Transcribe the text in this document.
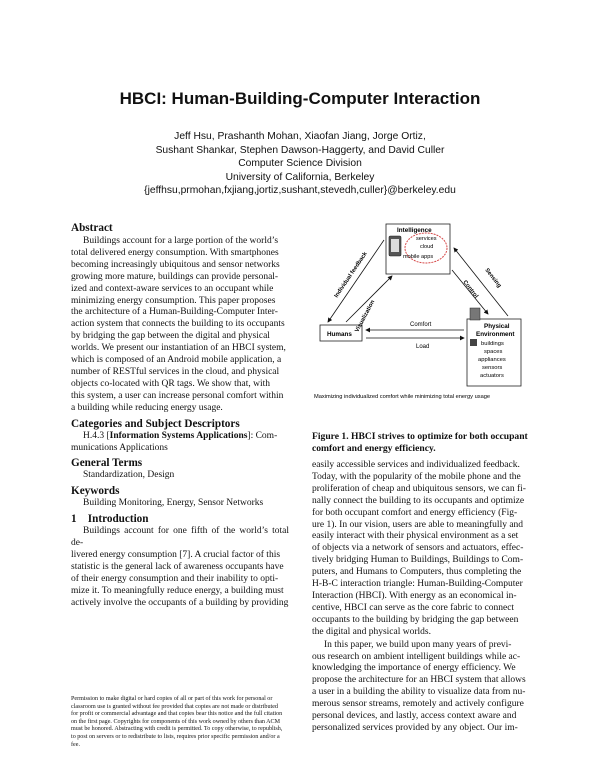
HBCI: Human-Building-Computer Interaction
Jeff Hsu, Prashanth Mohan, Xiaofan Jiang, Jorge Ortiz,
Sushant Shankar, Stephen Dawson-Haggerty, and David Culler
Computer Science Division
University of California, Berkeley
{jeffhsu,prmohan,fxjiang,jortiz,sushant,stevedh,culler}@berkeley.edu
Abstract
Buildings account for a large portion of the world’s
total delivered energy consumption. With smartphones
becoming increasingly ubiquitous and sensor networks
growing more mature, buildings can provide personal-
ized and context-aware services to an occupant while
minimizing energy consumption. This paper proposes
the architecture of a Human-Building-Computer Inter-
action system that connects the building to its occupants
by bridging the gap between the digital and physical
worlds. We present our instantiation of an HBCI system,
which is composed of an Android mobile application, a
number of RESTful services in the cloud, and physical
objects co-located with QR tags. We show that, with
this system, a user can increase personal comfort within
a building while reducing energy usage.
Categories and Subject Descriptors
H.4.3 [Information Systems Applications]: Com-
munications Applications
General Terms
Standardization, Design
Keywords
Building Monitoring, Energy, Sensor Networks
1    Introduction
Buildings account for one fifth of the world’s total de-
livered energy consumption [7]. A crucial factor of this
statistic is the general lack of awareness occupants have
of their energy consumption and their inability to opti-
mize it. To meaningfully reduce energy, a building must
actively involve the occupants of a building by providing
Permission to make digital or hard copies of all or part of this work for personal or
classroom use is granted without fee provided that copies are not made or distributed
for profit or commercial advantage and that copies bear this notice and the full citation
on the first page. Copyrights for components of this work owned by others than ACM
must be honored. Abstracting with credit is permitted. To copy otherwise, to republish,
to post on servers or to redistribute to lists, requires prior specific permission and/or a
fee.
Intelligence
services
cloud
mobile apps
Humans
Physical
Environment
buildings
spaces
appliances
sensors
actuators
Comfort
Load
Individual feedback
Visualization
Sensing
Control
Maximizing individualized comfort while minimizing total energy usage
Figure 1. HBCI strives to optimize for both occupant
comfort and energy efficiency.
easily accessible services and individualized feedback.
Today, with the popularity of the mobile phone and the
proliferation of cheap and ubiquitous sensors, we can fi-
nally connect the building to its occupants and optimize
for both occupant comfort and energy efficiency (Fig-
ure 1). In our vision, users are able to meaningfully and
easily interact with their physical environment as a set
of objects via a network of sensors and actuators, effec-
tively bridging Human to Buildings, Buildings to Com-
puters, and Humans to Computers, thus completing the
H-B-C interaction triangle: Human-Building-Computer
Interaction (HBCI). With energy as an economical in-
centive, HBCI can serve as the core fabric to connect
occupants to the building by bridging the gap between
the digital and physical worlds.
In this paper, we build upon many years of previ-
ous research on ambient intelligent buildings while ac-
knowledging the importance of energy efficiency. We
propose the architecture for an HBCI system that allows
a user in a building the ability to visualize data from nu-
merous sensor streams, remotely and actively configure
personal devices, and lastly, access context aware and
personalized services provided by any object. Our im-
